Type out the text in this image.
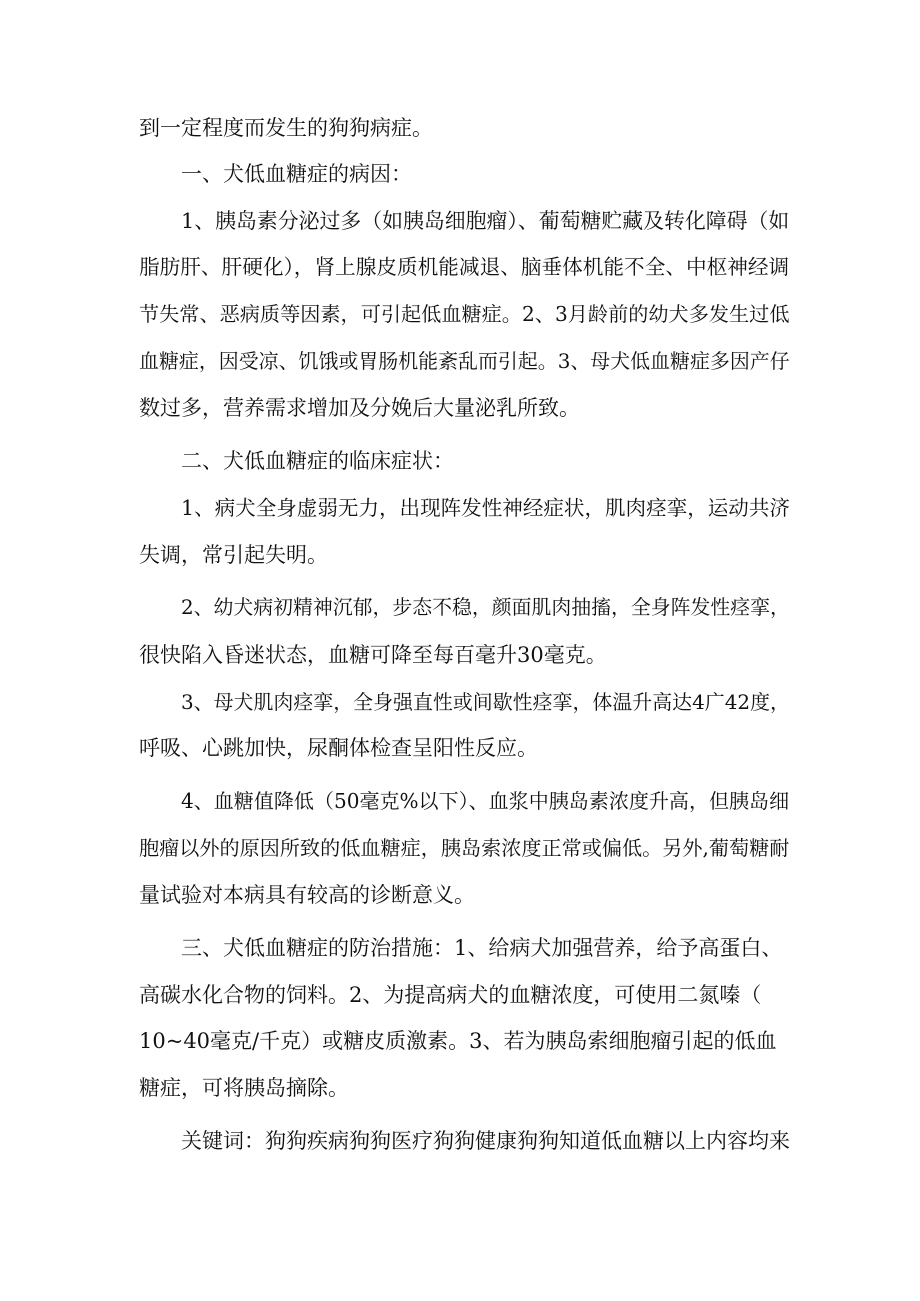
到一定程度而发生的狗狗病症。
一、犬低血糖症的病因：
1、胰岛素分泌过多（如胰岛细胞瘤）、葡萄糖贮藏及转化障碍（如
脂肪肝、肝硬化），肾上腺皮质机能减退、脑垂体机能不全、中枢神经调
节失常、恶病质等因素，可引起低血糖症。2、3月龄前的幼犬多发生过低
血糖症，因受凉、饥饿或胃肠机能紊乱而引起。3、母犬低血糖症多因产仔
数过多，营养需求增加及分娩后大量泌乳所致。
二、犬低血糖症的临床症状：
1、病犬全身虚弱无力，出现阵发性神经症状，肌肉痉挛，运动共济
失调，常引起失明。
2、幼犬病初精神沉郁，步态不稳，颜面肌肉抽搐，全身阵发性痉挛，
很快陷入昏迷状态，血糖可降至每百毫升30毫克。
3、母犬肌肉痉挛，全身强直性或间歇性痉挛，体温升高达4广42度，
呼吸、心跳加快，尿酮体检查呈阳性反应。
4、血糖值降低（50毫克%以下）、血浆中胰岛素浓度升高，但胰岛细
胞瘤以外的原因所致的低血糖症，胰岛索浓度正常或偏低。另外,葡萄糖耐
量试验对本病具有较高的诊断意义。
三、犬低血糖症的防治措施：1、给病犬加强营养，给予高蛋白、
高碳水化合物的饲料。2、为提高病犬的血糖浓度，可使用二氮嗪（
10~40毫克/千克）或糖皮质激素。3、若为胰岛索细胞瘤引起的低血
糖症，可将胰岛摘除。
关键词：狗狗疾病狗狗医疗狗狗健康狗狗知道低血糖以上内容均来
